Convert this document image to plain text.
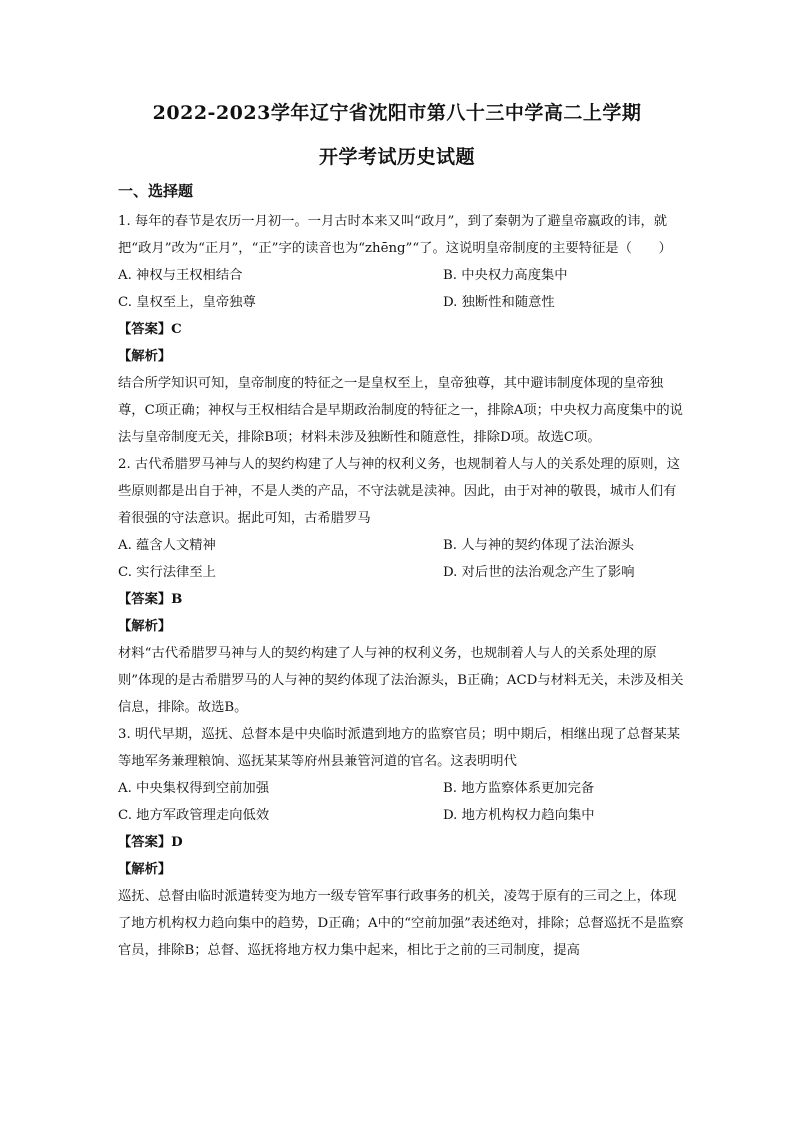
2022-2023学年辽宁省沈阳市第八十三中学高二上学期
开学考试历史试题
一、选择题

1. 每年的春节是农历一月初一。一月古时本来又叫“政月”，到了秦朝为了避皇帝嬴政的讳，就把“政月”改为“正月”，“正”字的读音也为“zhēng”“了。这说明皇帝制度的主要特征是（　　）

A. 神权与王权相结合	B. 中央权力高度集中
C. 皇权至上，皇帝独尊	D. 独断性和随意性

【答案】C

【解析】

结合所学知识可知，皇帝制度的特征之一是皇权至上，皇帝独尊，其中避讳制度体现的皇帝独尊，C项正确；神权与王权相结合是早期政治制度的特征之一，排除A项；中央权力高度集中的说法与皇帝制度无关，排除B项；材料未涉及独断性和随意性，排除D项。故选C项。

2. 古代希腊罗马神与人的契约构建了人与神的权利义务，也规制着人与人的关系处理的原则，这些原则都是出自于神，不是人类的产品，不守法就是渎神。因此，由于对神的敬畏，城市人们有着很强的守法意识。据此可知，古希腊罗马

A. 蕴含人文精神	B. 人与神的契约体现了法治源头
C. 实行法律至上	D. 对后世的法治观念产生了影响

【答案】B

【解析】

材料“古代希腊罗马神与人的契约构建了人与神的权利义务，也规制着人与人的关系处理的原则”体现的是古希腊罗马的人与神的契约体现了法治源头，B正确；ACD与材料无关，未涉及相关信息，排除。故选B。

3. 明代早期，巡抚、总督本是中央临时派遣到地方的监察官员；明中期后，相继出现了总督某某等地军务兼理粮饷、巡抚某某等府州县兼管河道的官名。这表明明代

A. 中央集权得到空前加强	B. 地方监察体系更加完备
C. 地方军政管理走向低效	D. 地方机构权力趋向集中

【答案】D

【解析】

巡抚、总督由临时派遣转变为地方一级专管军事行政事务的机关，凌驾于原有的三司之上，体现了地方机构权力趋向集中的趋势，D正确；A中的“空前加强”表述绝对，排除；总督巡抚不是监察官员，排除B；总督、巡抚将地方权力集中起来，相比于之前的三司制度，提高
